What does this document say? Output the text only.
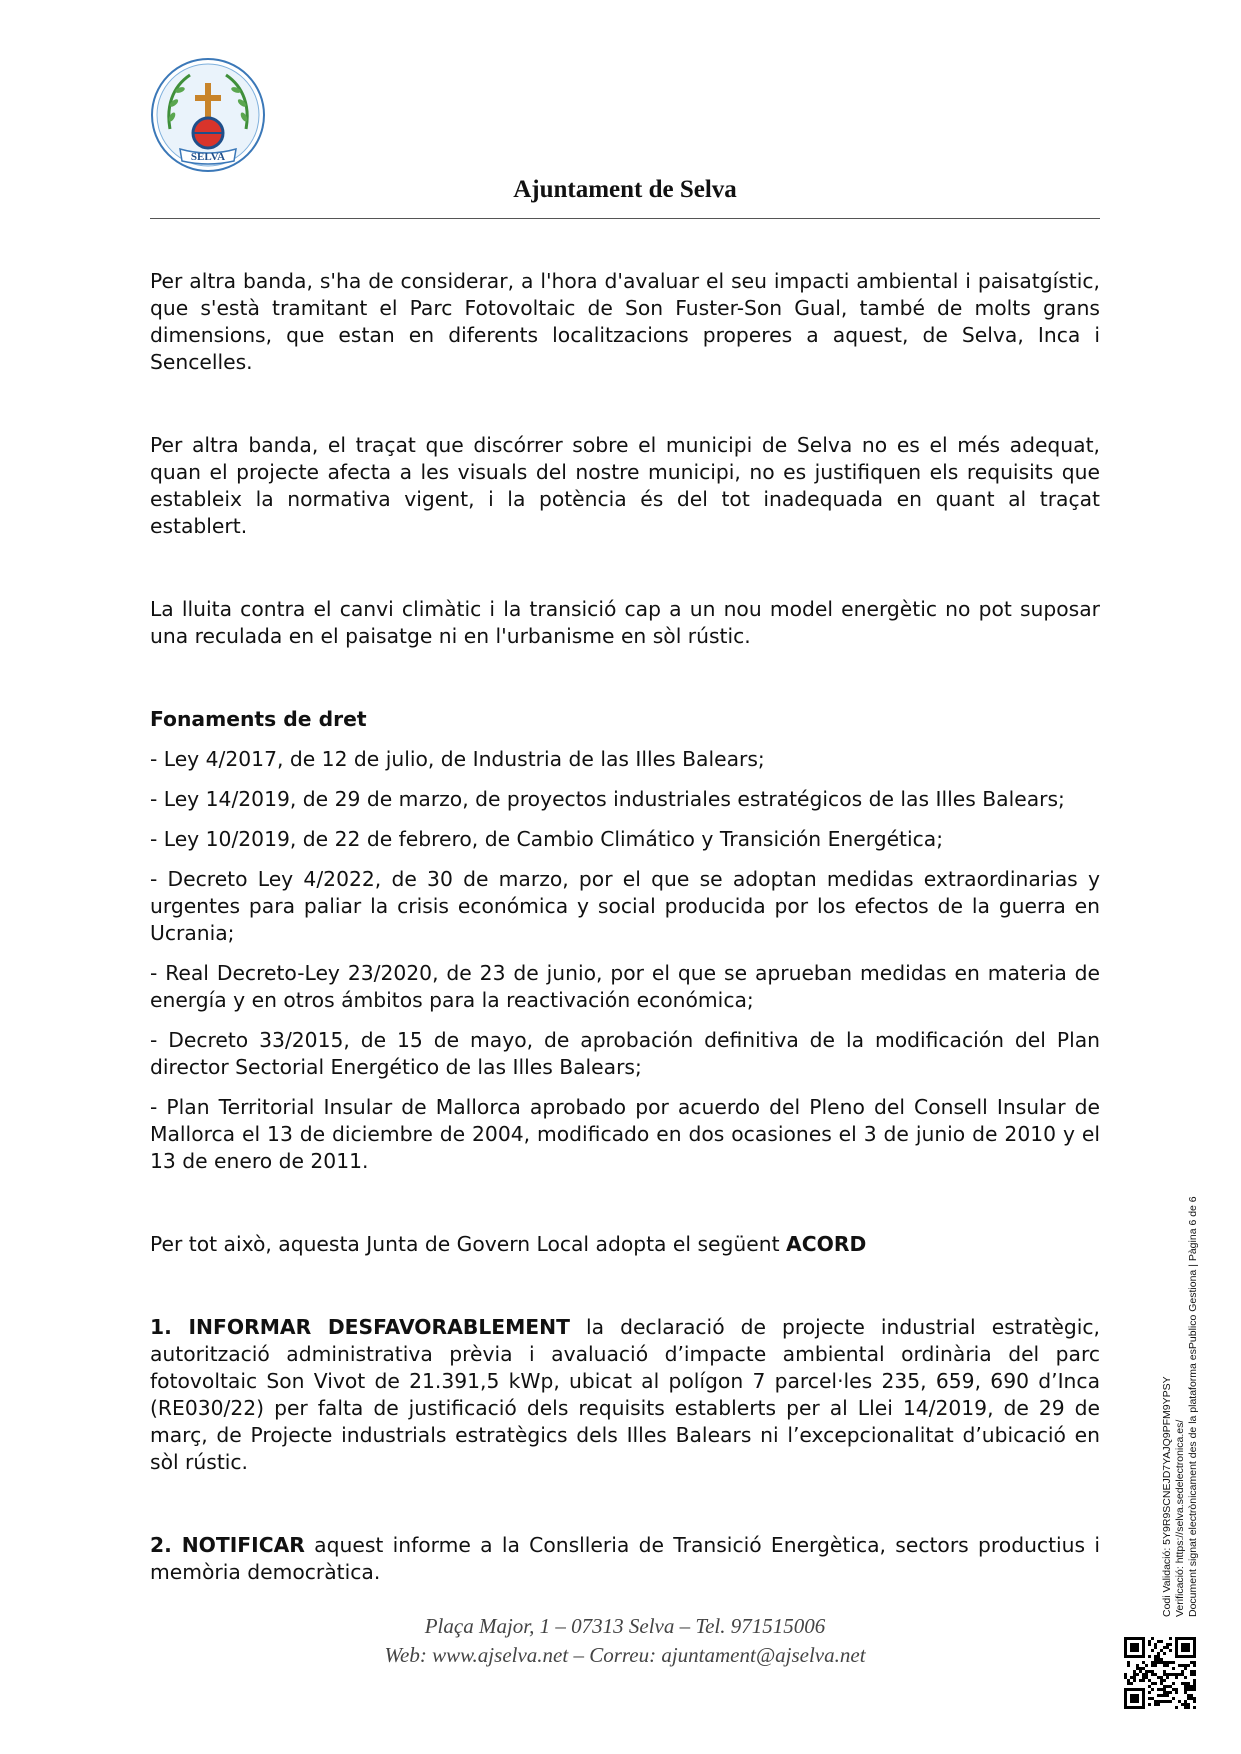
SELVA
Ajuntament de Selva

Per altra banda, s'ha de considerar, a l'hora d'avaluar el seu impacti ambiental i paisatgístic, que s'està tramitant el Parc Fotovoltaic de Son Fuster-Son Gual, també de molts grans dimensions, que estan en diferents localitzacions properes a aquest, de Selva, Inca i Sencelles.

Per altra banda, el traçat que discórrer sobre el municipi de Selva no es el més adequat, quan el projecte afecta a les visuals del nostre municipi, no es justifiquen els requisits que estableix la normativa vigent, i la potència és del tot inadequada en quant al traçat establert.

La lluita contra el canvi climàtic i la transició cap a un nou model energètic no pot suposar una reculada en el paisatge ni en l'urbanisme en sòl rústic.

Fonaments de dret

- Ley 4/2017, de 12 de julio, de Industria de las Illes Balears;

- Ley 14/2019, de 29 de marzo, de proyectos industriales estratégicos de las Illes Balears;

- Ley 10/2019, de 22 de febrero, de Cambio Climático y Transición Energética;

- Decreto Ley 4/2022, de 30 de marzo, por el que se adoptan medidas extraordinarias y urgentes para paliar la crisis económica y social producida por los efectos de la guerra en Ucrania;

- Real Decreto-Ley 23/2020, de 23 de junio, por el que se aprueban medidas en materia de energía y en otros ámbitos para la reactivación económica;

- Decreto 33/2015, de 15 de mayo, de aprobación definitiva de la modificación del Plan director Sectorial Energético de las Illes Balears;

- Plan Territorial Insular de Mallorca aprobado por acuerdo del Pleno del Consell Insular de Mallorca el 13 de diciembre de 2004, modificado en dos ocasiones el 3 de junio de 2010 y el 13 de enero de 2011.

Per tot això, aquesta Junta de Govern Local adopta el següent ACORD

1. INFORMAR DESFAVORABLEMENT la declaració de projecte industrial estratègic, autorització administrativa prèvia i avaluació d’impacte ambiental ordinària del parc fotovoltaic Son Vivot de 21.391,5 kWp, ubicat al polígon 7 parcel·les 235, 659, 690 d’Inca (RE030/22) per falta de justificació dels requisits establerts per al Llei 14/2019, de 29 de març, de Projecte industrials estratègics dels Illes Balears ni l’excepcionalitat d’ubicació en sòl rústic.

2. NOTIFICAR aquest informe a la Conslleria de Transició Energètica, sectors productius i memòria democràtica.

Plaça Major, 1 – 07313 Selva – Tel. 971515006
Web: www.ajselva.net – Correu: ajuntament@ajselva.net
Codi Validació: 5Y9R9SCNEJD7YAJQ9PFM9YPSY Verificació: https://selva.sedelectronica.es/ Document signat electrònicament des de la plataforma esPublico Gestiona | Pàgina 6 de 6
